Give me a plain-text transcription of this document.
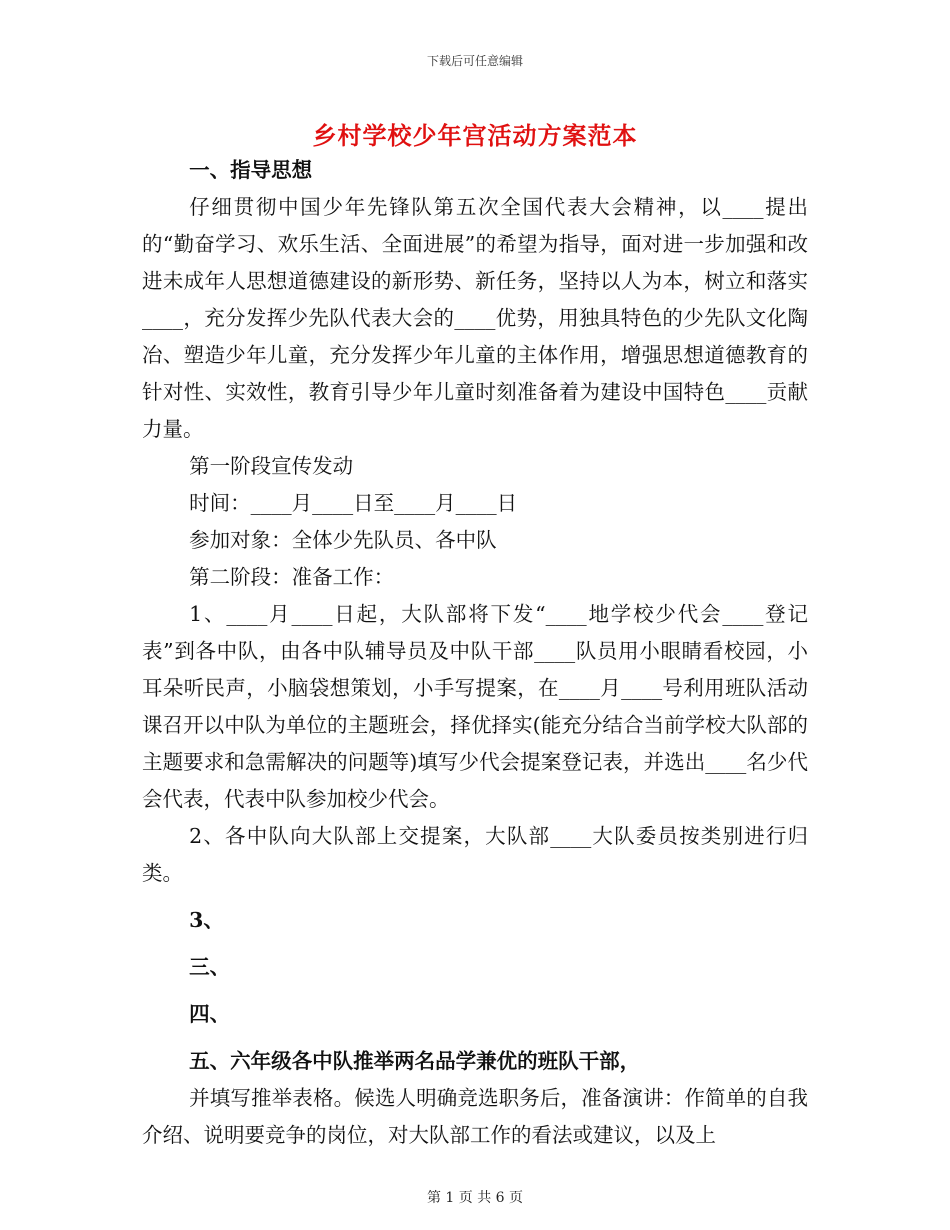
下载后可任意编辑
乡村学校少年宫活动方案范本

一、指导思想

仔细贯彻中国少年先锋队第五次全国代表大会精神，以____提出的“勤奋学习、欢乐生活、全面进展”的希望为指导，面对进一步加强和改进未成年人思想道德建设的新形势、新任务，坚持以人为本，树立和落实____，充分发挥少先队代表大会的____优势，用独具特色的少先队文化陶冶、塑造少年儿童，充分发挥少年儿童的主体作用，增强思想道德教育的针对性、实效性，教育引导少年儿童时刻准备着为建设中国特色____贡献力量。

第一阶段宣传发动

时间：____月____日至____月____日

参加对象：全体少先队员、各中队

第二阶段：准备工作：

1、____月____日起，大队部将下发“____地学校少代会____登记表”到各中队，由各中队辅导员及中队干部____队员用小眼睛看校园，小耳朵听民声，小脑袋想策划，小手写提案，在____月____号利用班队活动课召开以中队为单位的主题班会，择优择实(能充分结合当前学校大队部的主题要求和急需解决的问题等)填写少代会提案登记表，并选出____名少代会代表，代表中队参加校少代会。

2、各中队向大队部上交提案，大队部____大队委员按类别进行归类。

3、

三、

四、

五、六年级各中队推举两名品学兼优的班队干部，

并填写推举表格。候选人明确竞选职务后，准备演讲：作简单的自我介绍、说明要竞争的岗位，对大队部工作的看法或建议，以及上

第 1 页 共 6 页
